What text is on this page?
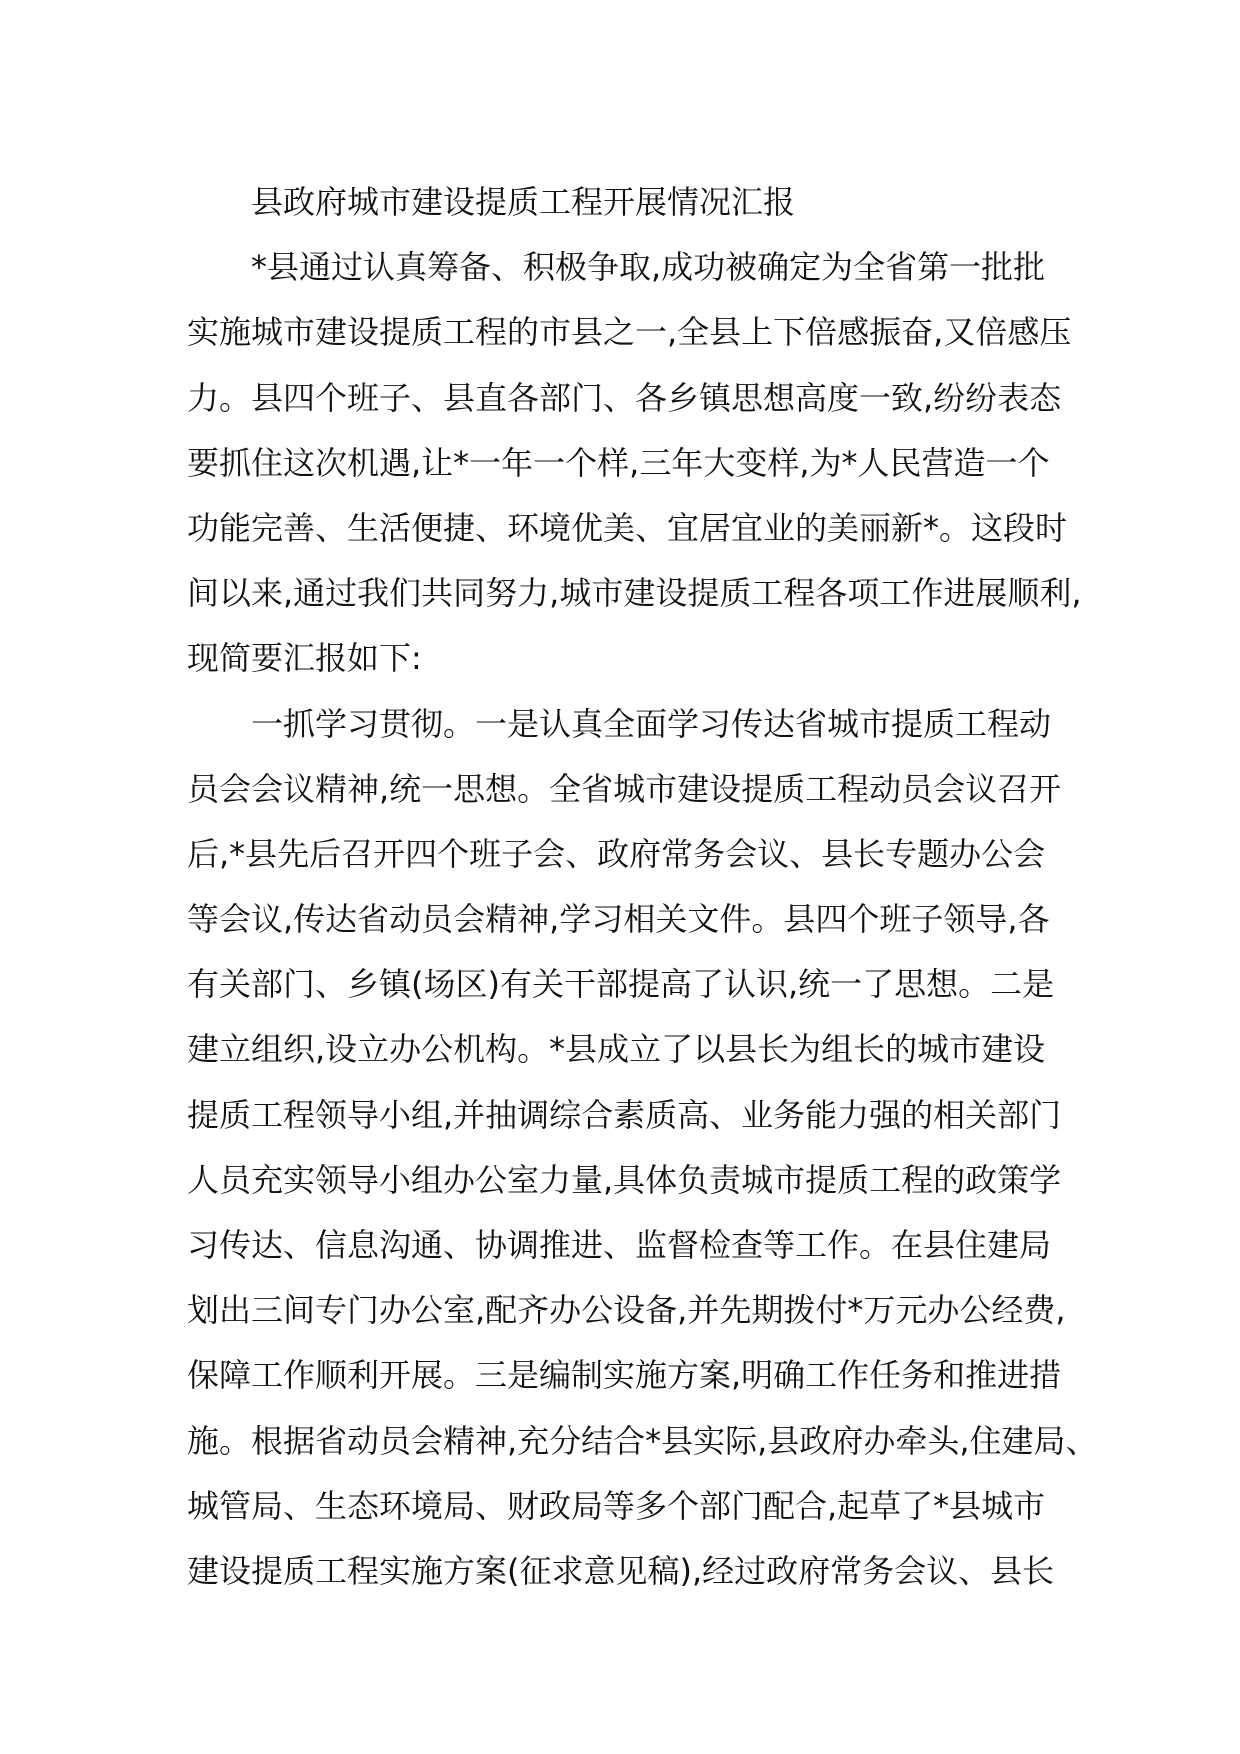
县政府城市建设提质工程开展情况汇报
*县通过认真筹备、积极争取,成功被确定为全省第一批批
实施城市建设提质工程的市县之一,全县上下倍感振奋,又倍感压
力。县四个班子、县直各部门、各乡镇思想高度一致,纷纷表态
要抓住这次机遇,让*一年一个样,三年大变样,为*人民营造一个
功能完善、生活便捷、环境优美、宜居宜业的美丽新*。这段时
间以来,通过我们共同努力,城市建设提质工程各项工作进展顺利,
现简要汇报如下:
一抓学习贯彻。一是认真全面学习传达省城市提质工程动
员会会议精神,统一思想。全省城市建设提质工程动员会议召开
后,*县先后召开四个班子会、政府常务会议、县长专题办公会
等会议,传达省动员会精神,学习相关文件。县四个班子领导,各
有关部门、乡镇(场区)有关干部提高了认识,统一了思想。二是
建立组织,设立办公机构。*县成立了以县长为组长的城市建设
提质工程领导小组,并抽调综合素质高、业务能力强的相关部门
人员充实领导小组办公室力量,具体负责城市提质工程的政策学
习传达、信息沟通、协调推进、监督检查等工作。在县住建局
划出三间专门办公室,配齐办公设备,并先期拨付*万元办公经费,
保障工作顺利开展。三是编制实施方案,明确工作任务和推进措
施。根据省动员会精神,充分结合*县实际,县政府办牵头,住建局、
城管局、生态环境局、财政局等多个部门配合,起草了*县城市
建设提质工程实施方案(征求意见稿),经过政府常务会议、县长
